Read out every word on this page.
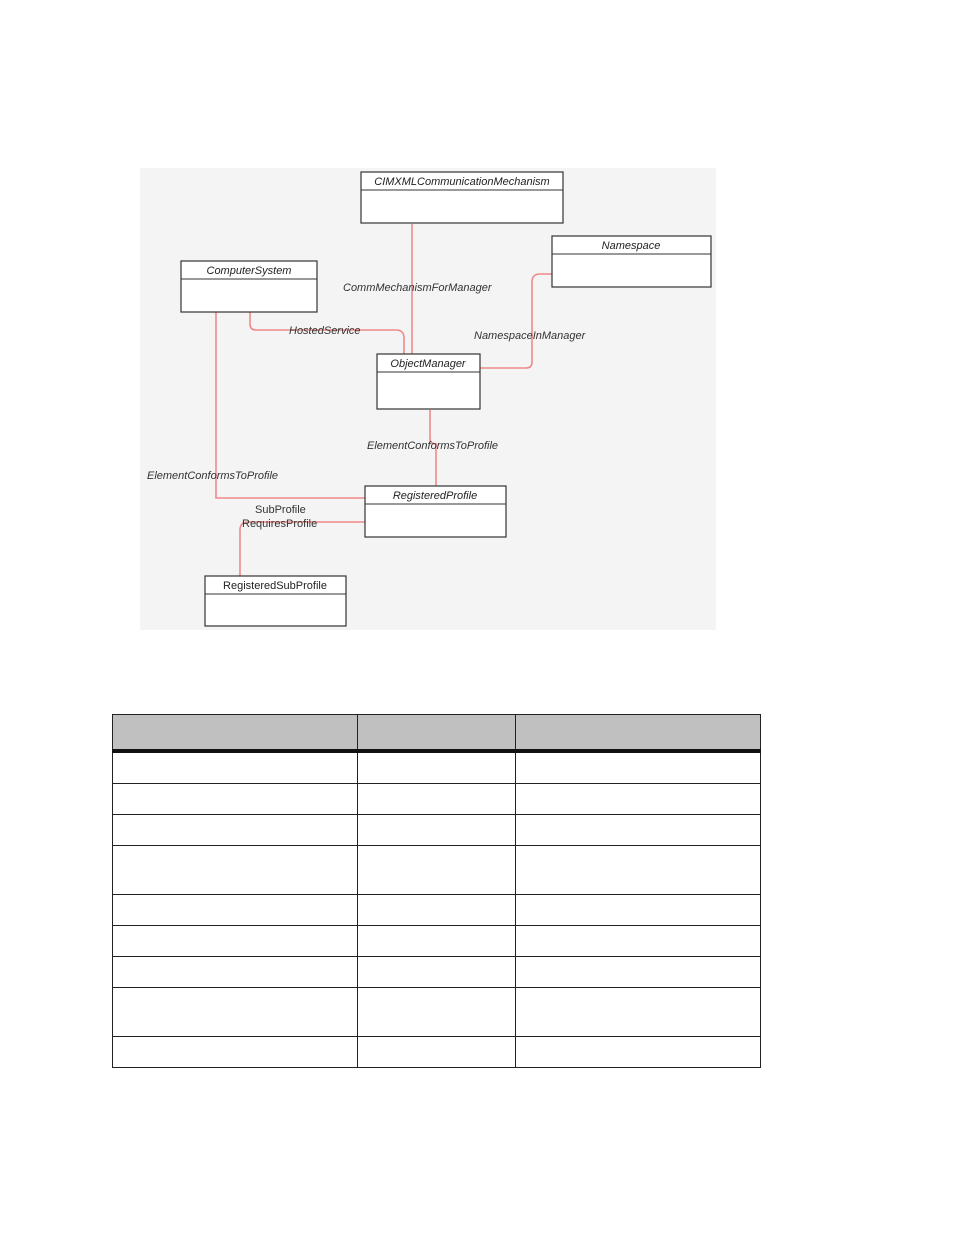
CommMechanismForManager
HostedService	NamespaceInManager
ElementConformsToProfile
ElementConformsToProfile
SubProfile
RequiresProfile
CIMXMLCommunicationMechanism
Namespace
ComputerSystem
ObjectManager
RegisteredProfile
RegisteredSubProfile
